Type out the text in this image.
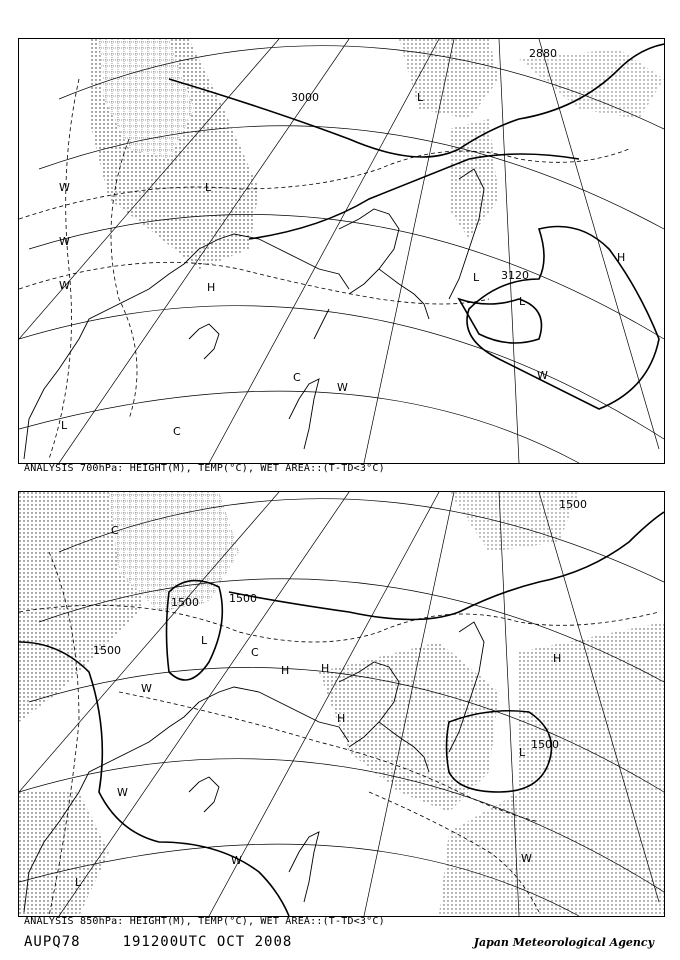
3000
3120
2880
H
H
L
L
L
W
W
W
W
W
C
C
L
L
ANALYSIS 700hPa: HEIGHT(M), TEMP(°C), WET AREA::(T-TD<3°C)
1500	1500
1500
1500
1500
H
H
H
H
L
L
L
W
W
W	W
C
C
ANALYSIS 850hPa: HEIGHT(M), TEMP(°C), WET AREA::(T-TD<3°C)
AUPQ78	191200UTC OCT 2008	Japan Meteorological Agency
